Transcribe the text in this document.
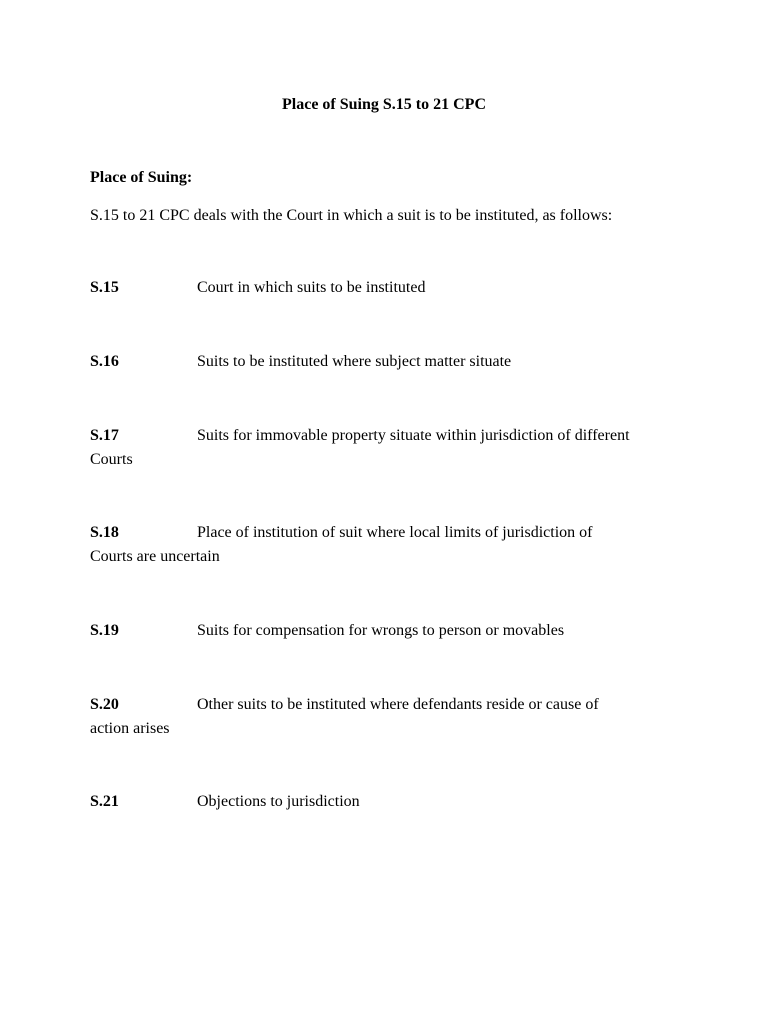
Place of Suing S.15 to 21 CPC
Place of Suing:
S.15 to 21 CPC deals with the Court in which a suit is to be instituted, as follows:
S.15	Court in which suits to be instituted
S.16	Suits to be instituted where subject matter situate
S.17	Suits for immovable property situate within jurisdiction of different
Courts
S.18	Place of institution of suit where local limits of jurisdiction of
Courts are uncertain
S.19	Suits for compensation for wrongs to person or movables
S.20	Other suits to be instituted where defendants reside or cause of
action arises
S.21	Objections to jurisdiction
